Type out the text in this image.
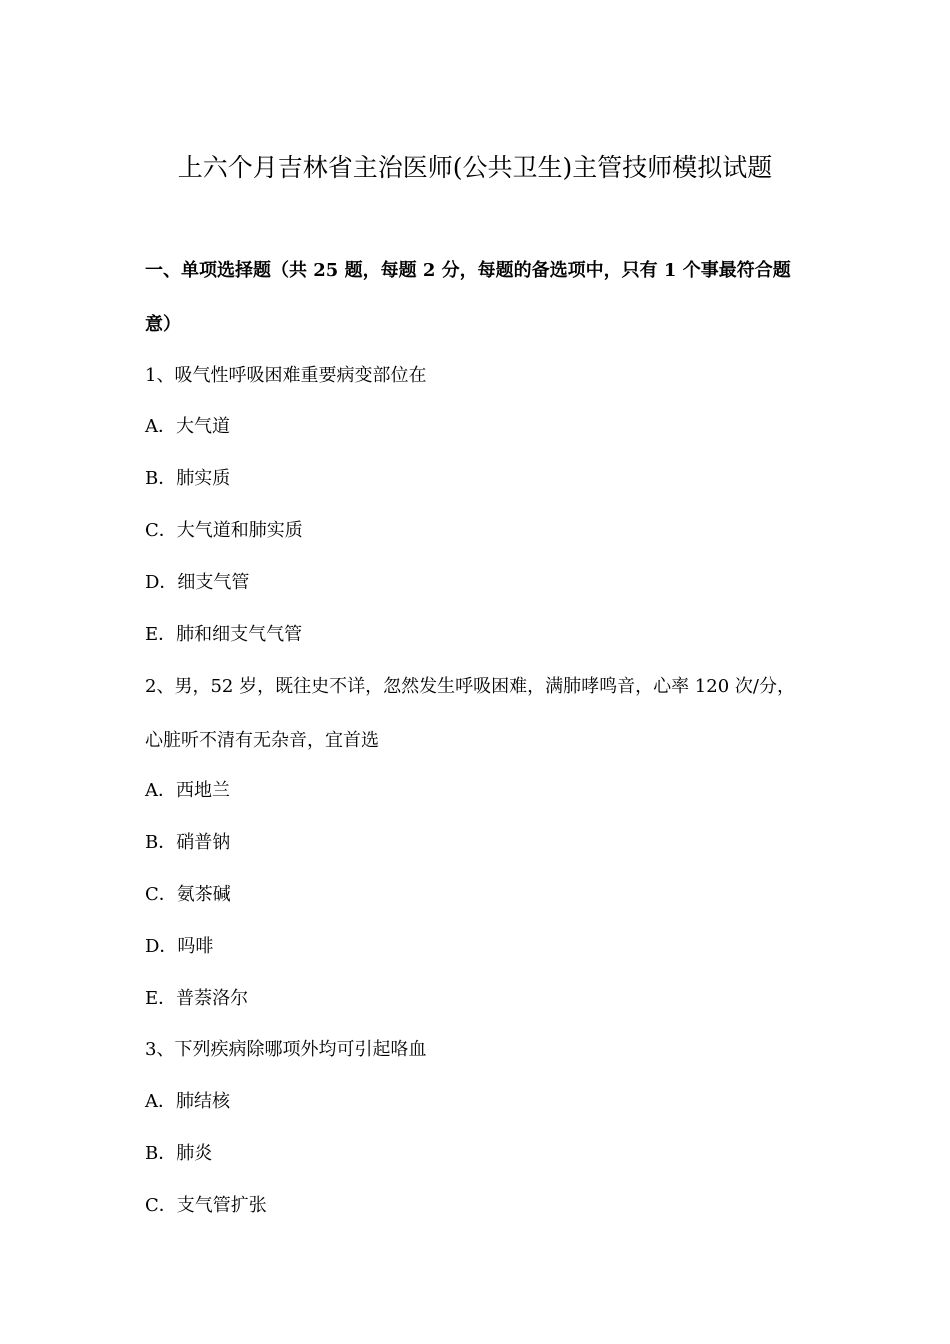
上六个月吉林省主治医师(公共卫生)主管技师模拟试题
一、单项选择题（共 25 题，每题 2 分，每题的备选项中，只有 1 个事最符合题
意）
1、吸气性呼吸困难重要病变部位在
A．大气道
B．肺实质
C．大气道和肺实质
D．细支气管
E．肺和细支气气管
2、男，52 岁，既往史不详，忽然发生呼吸困难，满肺哮鸣音，心率 120 次/分，
心脏听不清有无杂音，宜首选
A．西地兰
B．硝普钠
C．氨茶碱
D．吗啡
E．普萘洛尔
3、下列疾病除哪项外均可引起咯血
A．肺结核
B．肺炎
C．支气管扩张
